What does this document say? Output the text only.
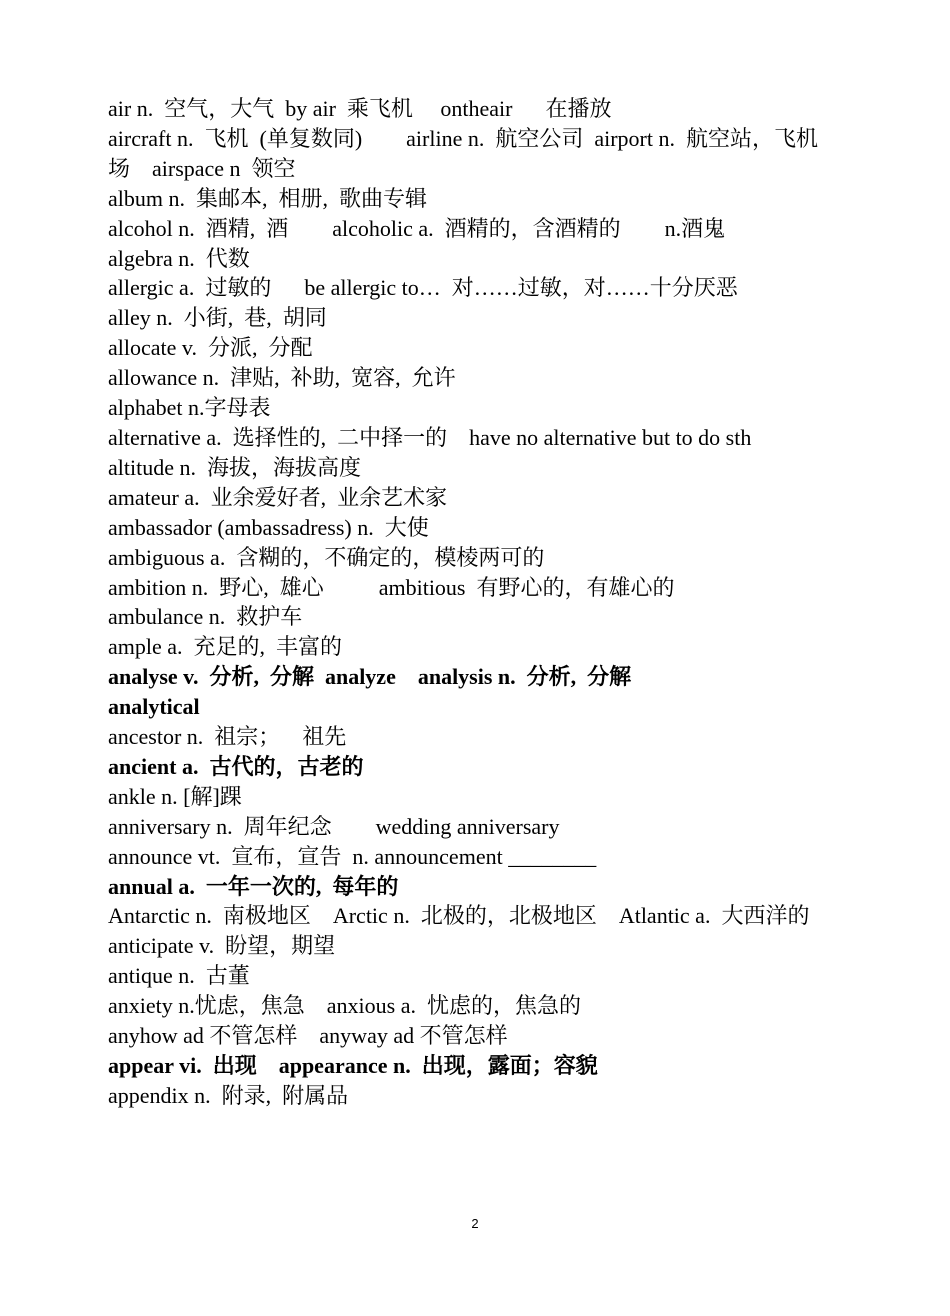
air n.  空气，大气  by air  乘飞机     ontheair      在播放
aircraft n.  飞机  (单复数同)        airline n.  航空公司  airport n.  航空站，飞机场    airspace n  领空
album n.  集邮本,  相册,  歌曲专辑
alcohol n.  酒精,  酒        alcoholic a.  酒精的，含酒精的        n.酒鬼
algebra n.  代数
allergic a.  过敏的      be allergic to…  对……过敏，对……十分厌恶
alley n.  小街,  巷,  胡同
allocate v.  分派,  分配
allowance n.  津贴,  补助,  宽容,  允许
alphabet n.字母表
alternative a.  选择性的,  二中择一的    have no alternative but to do sth
altitude n.  海拔，海拔高度
amateur a.  业余爱好者,  业余艺术家
ambassador (ambassadress) n.  大使
ambiguous a.  含糊的，不确定的，模棱两可的
ambition n.  野心,  雄心          ambitious  有野心的，有雄心的
ambulance n.  救护车
ample a.  充足的,  丰富的
analyse v.  分析,  分解  analyze    analysis n.  分析,  分解
analytical
ancestor n.  祖宗；    祖先
ancient a.  古代的，古老的
ankle n. [解]踝
anniversary n.  周年纪念        wedding anniversary
announce vt.  宣布，宣告  n. announcement ________
annual a.  一年一次的,  每年的
Antarctic n.  南极地区    Arctic n.  北极的，北极地区    Atlantic a.  大西洋的
anticipate v.  盼望，期望
antique n.  古董
anxiety n.忧虑，焦急    anxious a.  忧虑的，焦急的
anyhow ad 不管怎样    anyway ad 不管怎样
appear vi.  出现    appearance n.  出现，露面；容貌
appendix n.  附录,  附属品
2
